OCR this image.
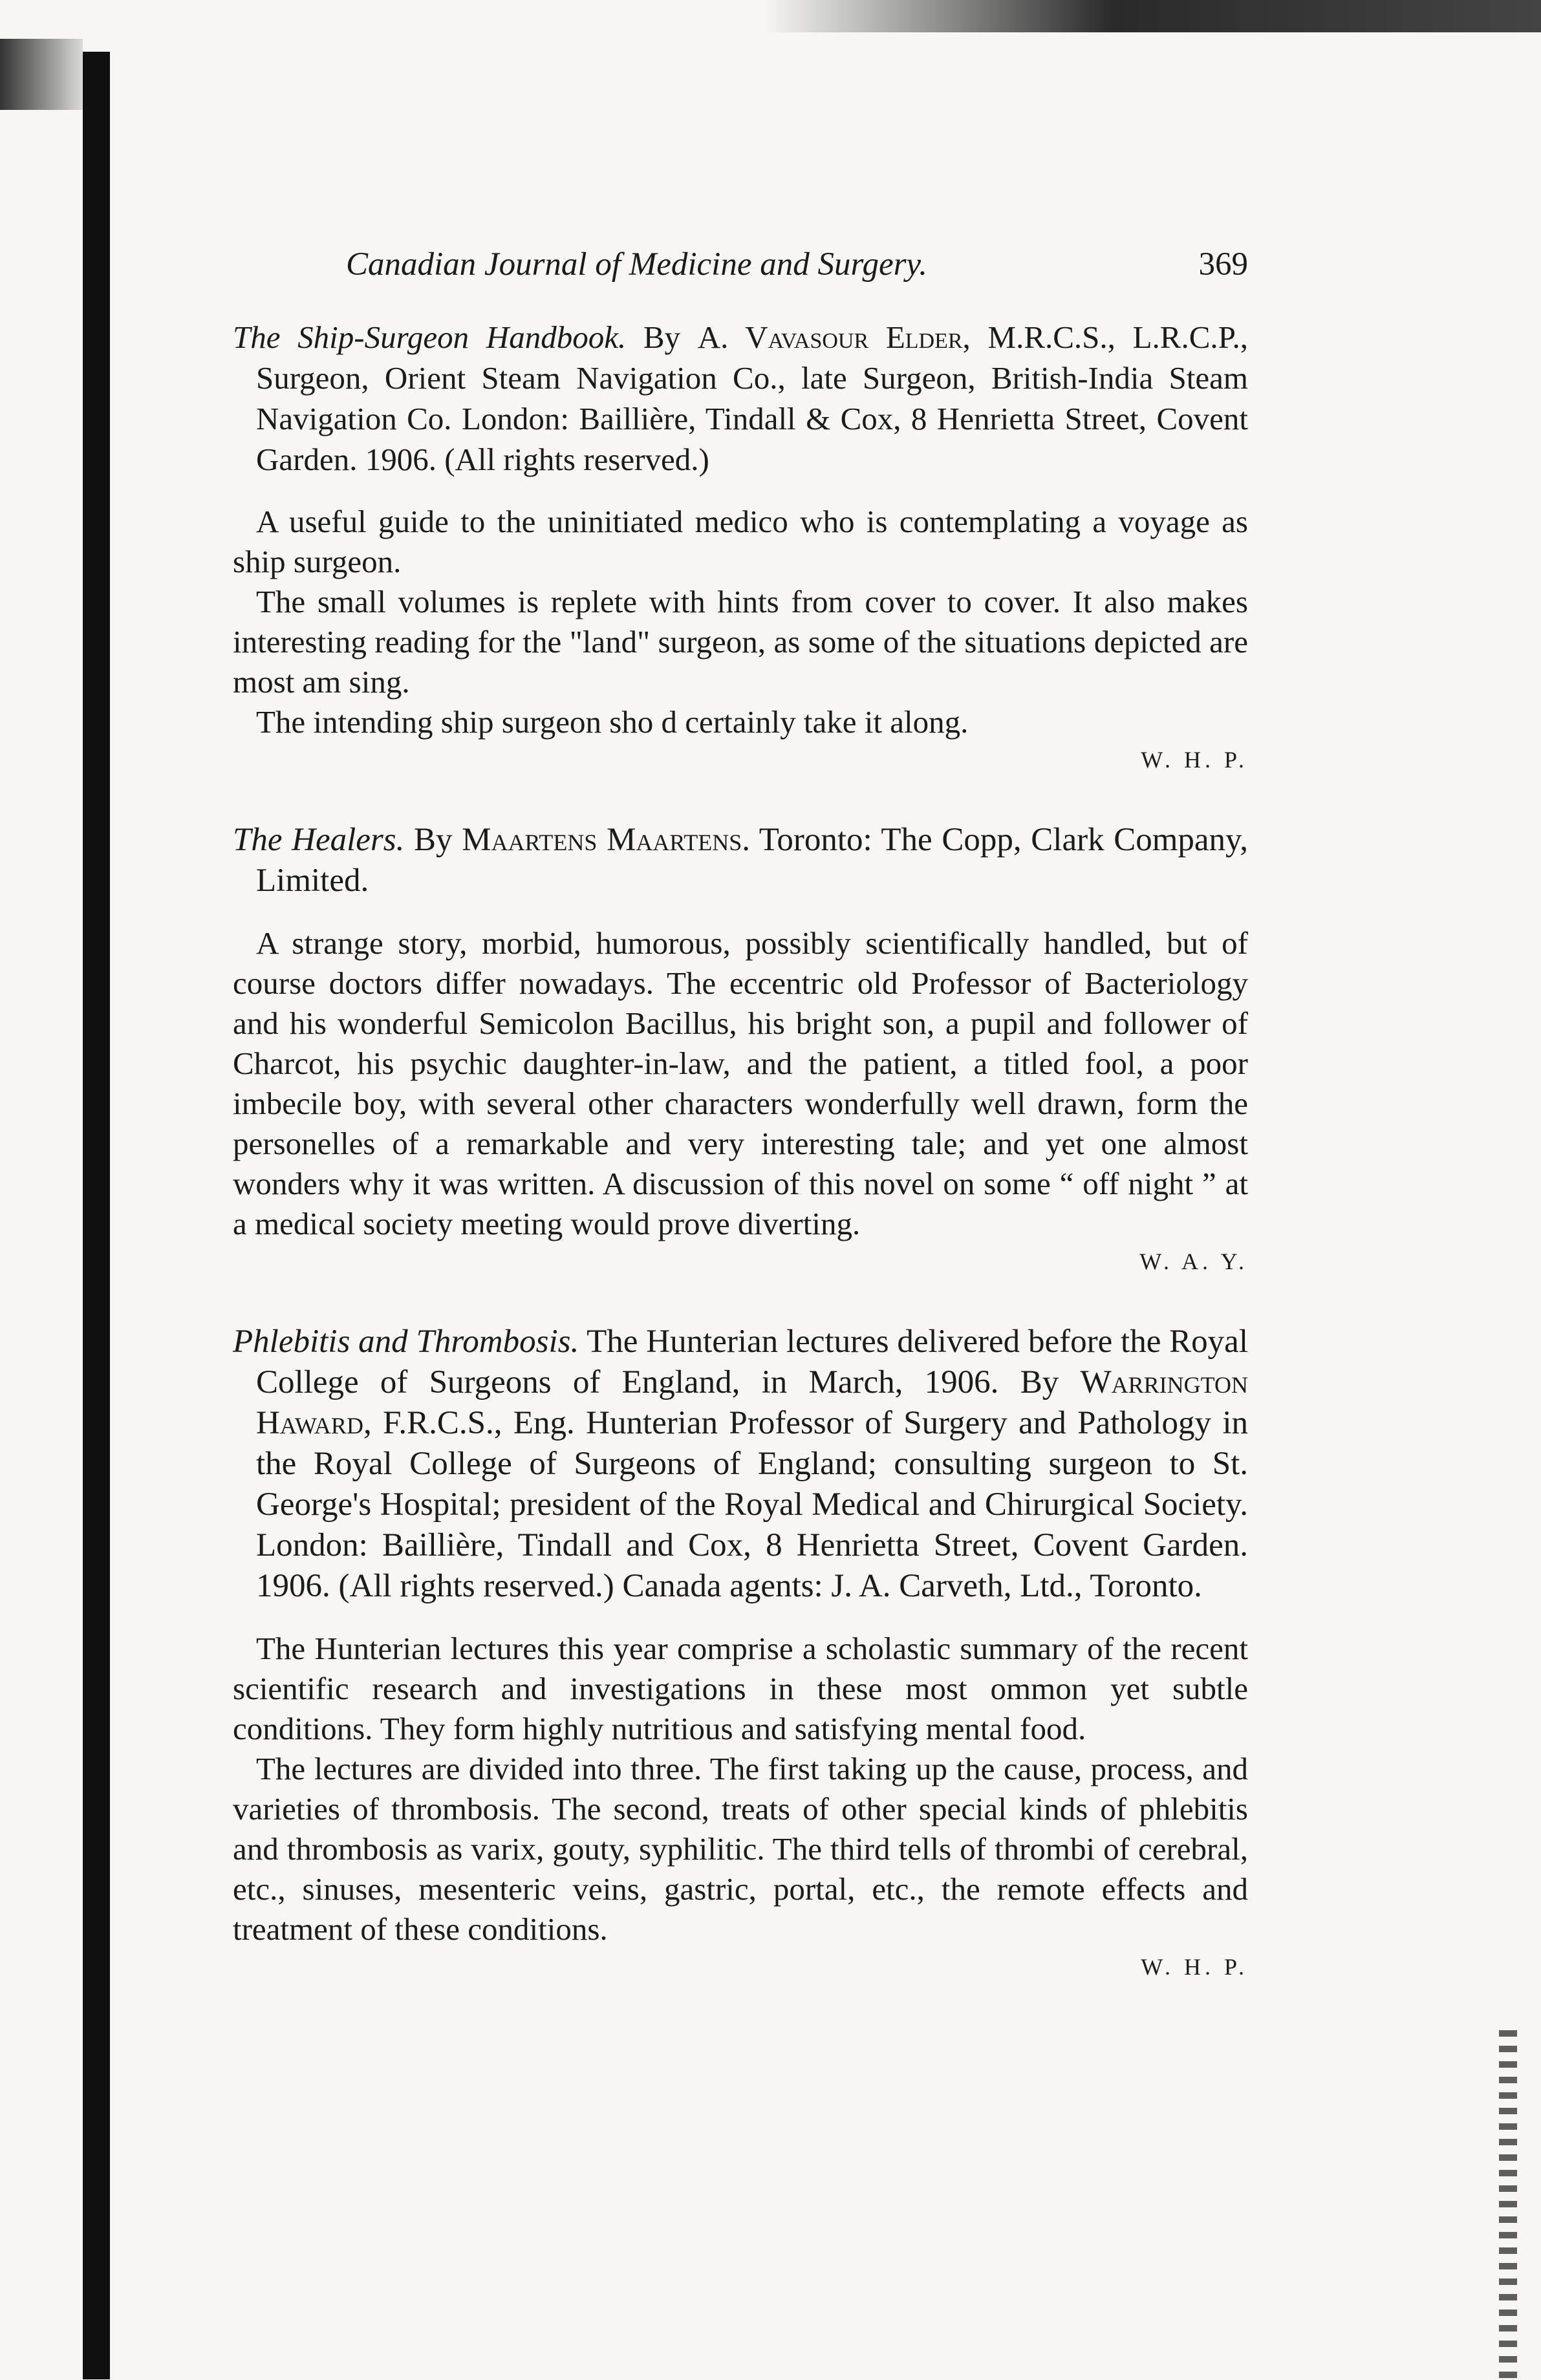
Canadian Journal of Medicine and Surgery.	369
The Ship-Surgeon Handbook. By A. Vavasour Elder, M.R.C.S., L.R.C.P., Surgeon, Orient Steam Navigation Co., late Surgeon, British-India Steam Navigation Co. London: Baillière, Tindall & Cox, 8 Henrietta Street, Covent Garden. 1906. (All rights reserved.)

A useful guide to the uninitiated medico who is contemplating a voyage as ship surgeon.

The small volumes is replete with hints from cover to cover. It also makes interesting reading for the "land" surgeon, as some of the situations depicted are most am sing.

The intending ship surgeon sho d certainly take it along.

W. H. P.
The Healers. By Maartens Maartens. Toronto: The Copp, Clark Company, Limited.

A strange story, morbid, humorous, possibly scientifically handled, but of course doctors differ nowadays. The eccentric old Professor of Bacteriology and his wonderful Semicolon Bacillus, his bright son, a pupil and follower of Charcot, his psychic daughter-in-law, and the patient, a titled fool, a poor imbecile boy, with several other characters wonderfully well drawn, form the personelles of a remarkable and very interesting tale; and yet one almost wonders why it was written. A discussion of this novel on some “ off night ” at a medical society meeting would prove diverting.

W. A. Y.
Phlebitis and Thrombosis. The Hunterian lectures delivered before the Royal College of Surgeons of England, in March, 1906. By Warrington Haward, F.R.C.S., Eng. Hunterian Professor of Surgery and Pathology in the Royal College of Surgeons of England; consulting surgeon to St. George's Hospital; president of the Royal Medical and Chirurgical Society. London: Baillière, Tindall and Cox, 8 Henrietta Street, Covent Garden. 1906. (All rights reserved.) Canada agents: J. A. Carveth, Ltd., Toronto.

The Hunterian lectures this year comprise a scholastic summary of the recent scientific research and investigations in these most ommon yet subtle conditions. They form highly nutritious and satisfying mental food.

The lectures are divided into three. The first taking up the cause, process, and varieties of thrombosis. The second, treats of other special kinds of phlebitis and thrombosis as varix, gouty, syphilitic. The third tells of thrombi of cerebral, etc., sinuses, mesenteric veins, gastric, portal, etc., the remote effects and treatment of these conditions.

W. H. P.
